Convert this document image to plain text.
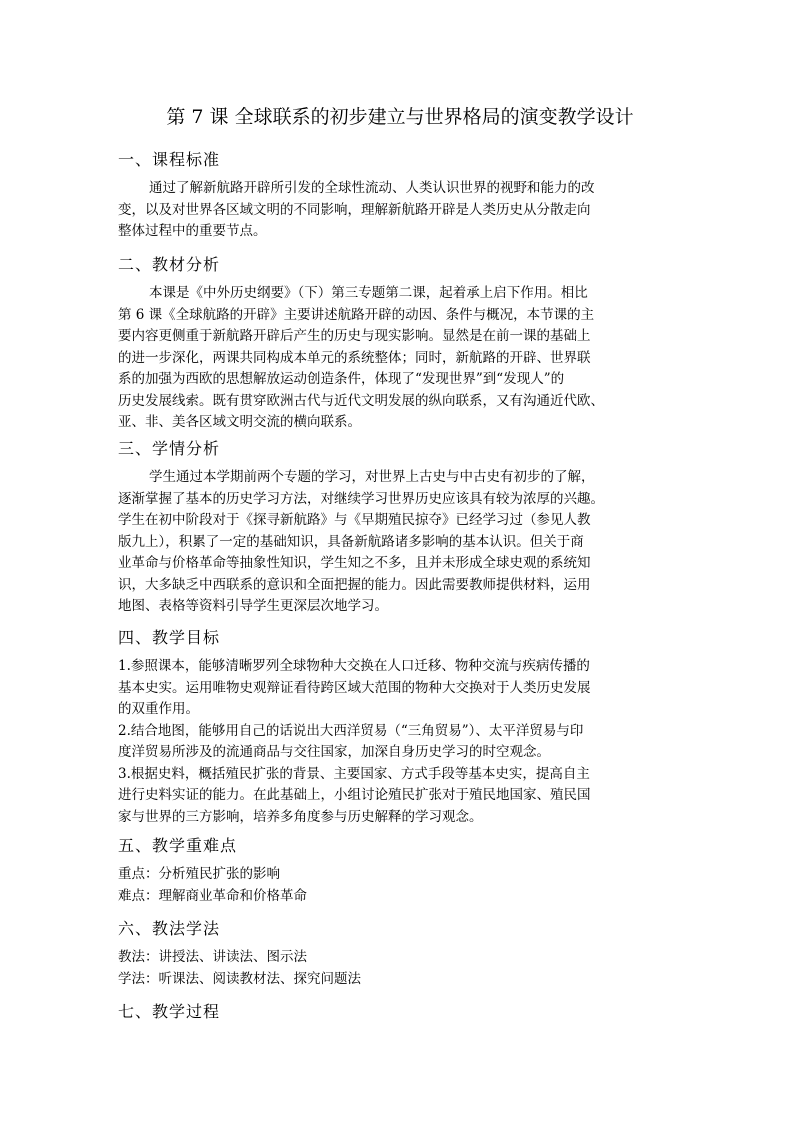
第 7 课 全球联系的初步建立与世界格局的演变教学设计
一、课程标准
通过了解新航路开辟所引发的全球性流动、人类认识世界的视野和能力的改
变，以及对世界各区域文明的不同影响，理解新航路开辟是人类历史从分散走向
整体过程中的重要节点。
二、教材分析
本课是《中外历史纲要》（下）第三专题第二课，起着承上启下作用。相比
第 6 课《全球航路的开辟》主要讲述航路开辟的动因、条件与概况，本节课的主
要内容更侧重于新航路开辟后产生的历史与现实影响。显然是在前一课的基础上
的进一步深化，两课共同构成本单元的系统整体；同时，新航路的开辟、世界联
系的加强为西欧的思想解放运动创造条件，体现了“发现世界”到“发现人”的
历史发展线索。既有贯穿欧洲古代与近代文明发展的纵向联系，又有沟通近代欧、
亚、非、美各区域文明交流的横向联系。
三、学情分析
学生通过本学期前两个专题的学习，对世界上古史与中古史有初步的了解，
逐渐掌握了基本的历史学习方法，对继续学习世界历史应该具有较为浓厚的兴趣。
学生在初中阶段对于《探寻新航路》与《早期殖民掠夺》已经学习过（参见人教
版九上），积累了一定的基础知识，具备新航路诸多影响的基本认识。但关于商
业革命与价格革命等抽象性知识，学生知之不多，且并未形成全球史观的系统知
识，大多缺乏中西联系的意识和全面把握的能力。因此需要教师提供材料，运用
地图、表格等资料引导学生更深层次地学习。
四、教学目标
1.参照课本，能够清晰罗列全球物种大交换在人口迁移、物种交流与疾病传播的
基本史实。运用唯物史观辩证看待跨区域大范围的物种大交换对于人类历史发展
的双重作用。
2.结合地图，能够用自己的话说出大西洋贸易（“三角贸易”）、太平洋贸易与印
度洋贸易所涉及的流通商品与交往国家，加深自身历史学习的时空观念。
3.根据史料，概括殖民扩张的背景、主要国家、方式手段等基本史实，提高自主
进行史料实证的能力。在此基础上，小组讨论殖民扩张对于殖民地国家、殖民国
家与世界的三方影响，培养多角度参与历史解释的学习观念。
五、教学重难点
重点：分析殖民扩张的影响
难点：理解商业革命和价格革命
六、教法学法
教法：讲授法、讲读法、图示法
学法：听课法、阅读教材法、探究问题法
七、教学过程
